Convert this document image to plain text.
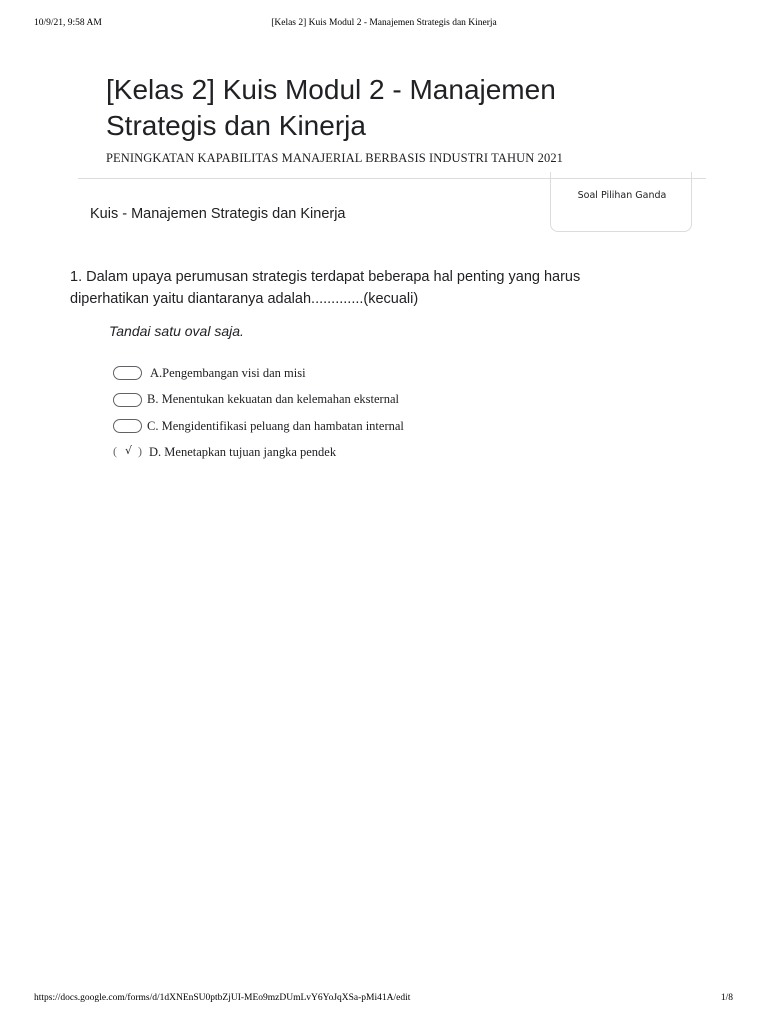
10/9/21, 9:58 AM	[Kelas 2] Kuis Modul 2 - Manajemen Strategis dan Kinerja
[Kelas 2] Kuis Modul 2 - Manajemen Strategis dan Kinerja
PENINGKATAN KAPABILITAS MANAJERIAL BERBASIS INDUSTRI TAHUN 2021
Soal Pilihan Ganda
Kuis - Manajemen Strategis dan Kinerja

1. Dalam upaya perumusan strategis terdapat beberapa hal penting yang harus diperhatikan yaitu diantaranya adalah.............(kecuali)

Tandai satu oval saja.
A.Pengembangan visi dan misi
B. Menentukan kekuatan dan kelemahan eksternal
C. Mengidentifikasi peluang dan hambatan internal
( √ ) D. Menetapkan tujuan jangka pendek
https://docs.google.com/forms/d/1dXNEnSU0ptbZjUI-MEo9mzDUmLvY6YoJqXSa-pMi41A/edit	1/8
